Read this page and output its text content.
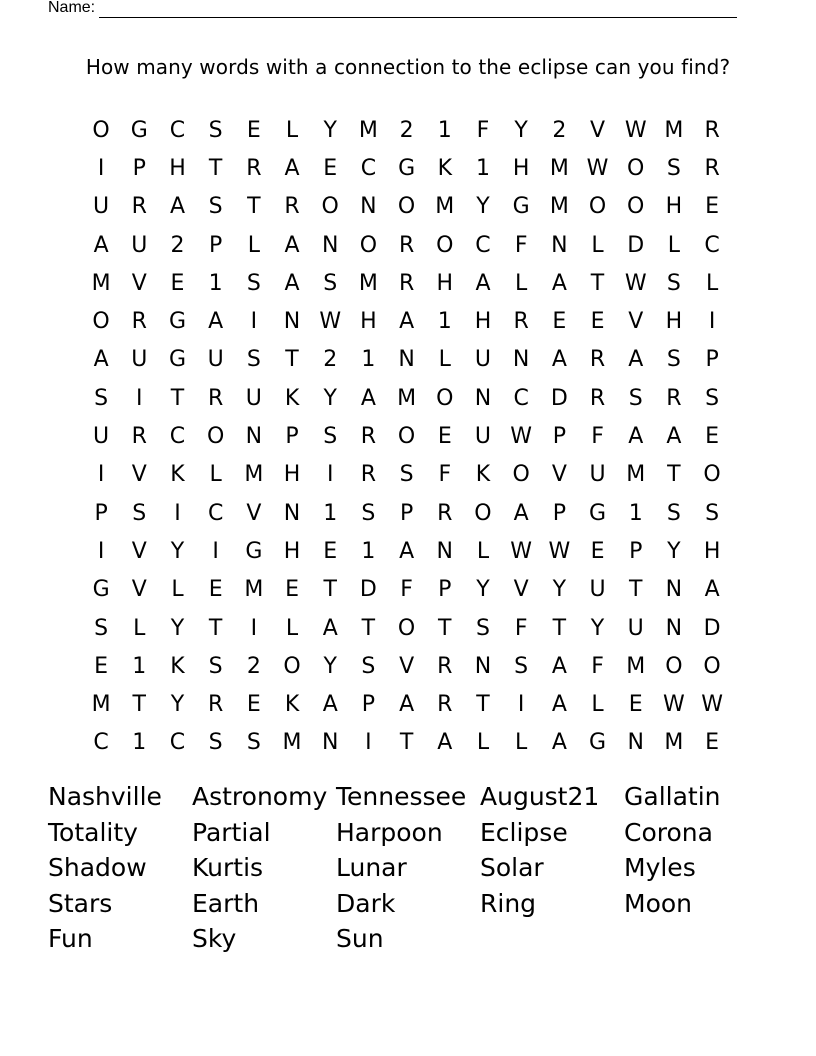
Name:
How many words with a connection to the eclipse can you find?
O G C	S	E	L	Y M 2	1	F	Y	2	V W M R
I	P	H	T	R	A	E	C G	K	1	H M W O	S	R
U	R	A	S	T	R O N O M Y	G M O O H	E
A	U	2	P	L	A	N O R O C	F	N	L	D	L	C
M V	E	1	S	A	S M R	H	A	L	A	T W S	L
O R	G	A	I	N W H	A	1	H	R	E	E	V	H	I
A	U G U	S	T	2	1	N	L	U N	A	R	A	S	P
S	I	T	R	U	K	Y	A M O N	C	D	R	S	R	S
U	R	C O N	P	S	R O	E	U W P	F	A	A	E
I	V	K	L	M H	I	R	S	F	K	O	V	U M T	O
P	S	I	C	V	N	1	S	P	R O	A	P	G	1	S	S
I	V	Y	I	G H	E	1	A	N	L W W E	P	Y	H
G	V	L	E M E	T	D	F	P	Y	V	Y	U	T	N	A
S	L	Y	T	I	L	A	T	O	T	S	F	T	Y	U N D
E	1	K	S	2	O	Y	S	V	R	N	S	A	F	M O O
M T	Y	R	E	K	A	P	A	R	T	I	A	L	E W W
C	1	C	S	S M N	I	T	A	L	L	A	G N M E
Nashville	Astronomy Tennessee August21 Gallatin
Totality	Partial	Harpoon	Eclipse	Corona
Shadow	Kurtis	Lunar	Solar	Myles
Stars	Earth	Dark	Ring	Moon
Fun	Sky	Sun
